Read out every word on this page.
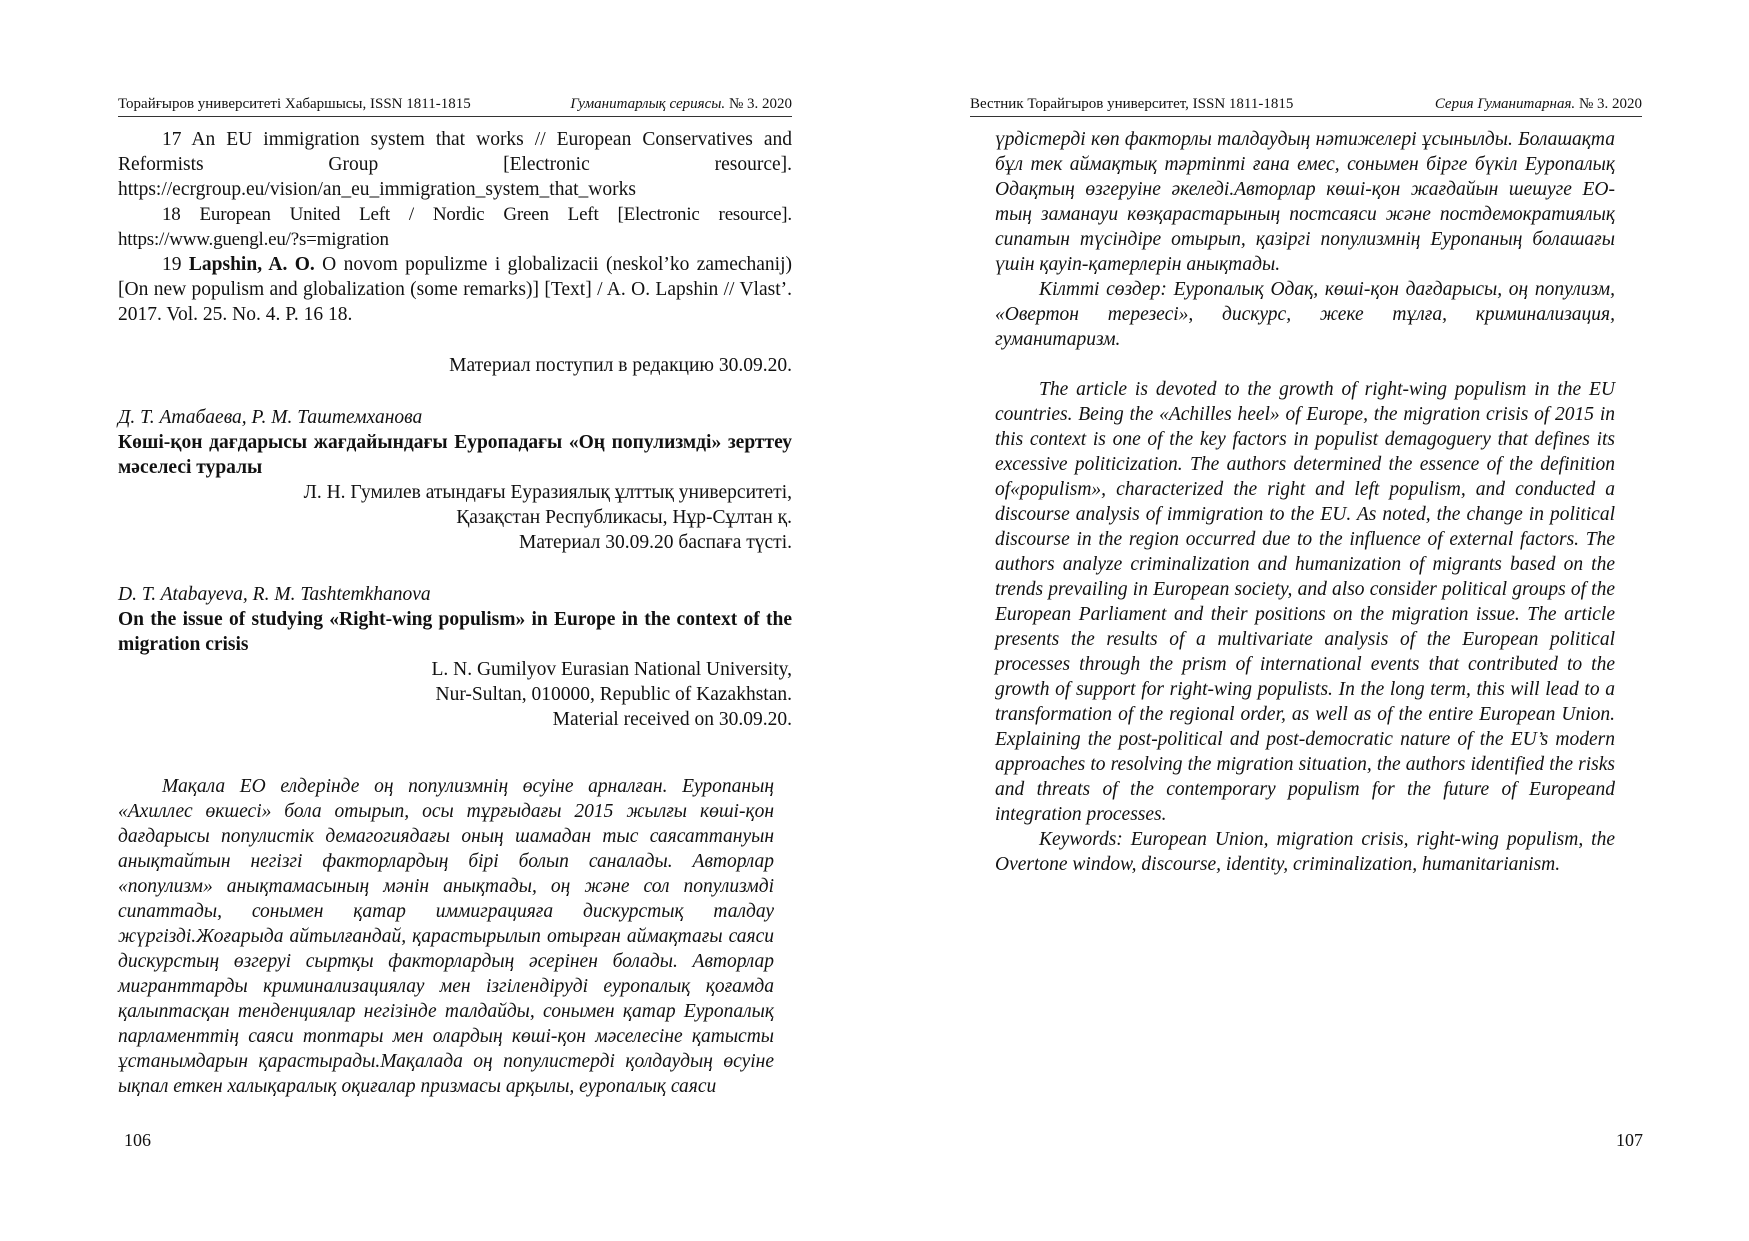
Торайғыров университеті Хабаршысы, ISSN 1811-1815	Гуманитарлық сериясы. № 3. 2020

17 An EU immigration system that works // European Conservatives and Reformists Group [Electronic resource]. https://ecrgroup.eu/vision/an_eu_immigration_system_that_works

18 European United Left / Nordic Green Left [Electronic resource]. https://www.guengl.eu/?s=migration

19 Lapshin, A. O. O novom populizme i globalizacii (neskol’ko zamechanij) [On new populism and globalization (some remarks)] [Text] / A. O. Lapshin // Vlast’. 2017. Vol. 25. No. 4. P. 16 18.

Материал поступил в редакцию 30.09.20.

Д. Т. Атабаева, Р. М. Таштемханова

Көші-қон дағдарысы жағдайындағы Еуропадағы «Оң популизмді» зерттеу мәселесі туралы

Л. Н. Гумилев атындағы Еуразиялық ұлттық университеті,

Қазақстан Республикасы, Нұр-Сұлтан қ.

Материал 30.09.20 баспаға түсті.

D. T. Atabayeva, R. M. Tashtemkhanova

On the issue of studying «Right-wing populism» in Europe in the context of the migration crisis

L. N. Gumilyov Eurasian National University,

Nur-Sultan, 010000, Republic of Kazakhstan.

Material received on 30.09.20.

Мақала ЕО елдерінде оң популизмнің өсуіне арналған. Еуропаның «Ахиллес өкшесі» бола отырып, осы тұрғыдағы 2015 жылғы көші-қон дағдарысы популистік демагогиядағы оның шамадан тыс саясаттануын анықтайтын негізгі факторлардың бірі болып саналады. Авторлар «популизм» анықтамасының мәнін анықтады, оң және сол популизмді сипаттады, сонымен қатар иммиграцияға дискурстық талдау жүргізді.Жоғарыда айтылғандай, қарастырылып отырған аймақтағы саяси дискурстың өзгеруі сыртқы факторлардың әсерінен болады. Авторлар мигранттарды криминализациялау мен ізгілендіруді еуропалық қоғамда қалыптасқан тенденциялар негізінде талдайды, сонымен қатар Еуропалық парламенттің саяси топтары мен олардың көші-қон мәселесіне қатысты ұстанымдарын қарастырады.Мақалада оң популистерді қолдаудың өсуіне ықпал еткен халықаралық оқиғалар призмасы арқылы, еуропалық саяси

106
Вестник Торайгыров университет, ISSN 1811-1815	Серия Гуманитарная. № 3. 2020

үрдістерді көп факторлы талдаудың нәтижелері ұсынылды. Болашақта бұл тек аймақтық тәртіпті ғана емес, сонымен бірге бүкіл Еуропалық Одақтың өзгеруіне әкеледі.Авторлар көші-қон жағдайын шешуге ЕО-тың заманауи көзқарастарының постсаяси және постдемократиялық сипатын түсіндіре отырып, қазіргі популизмнің Еуропаның болашағы үшін қауіп-қатерлерін анықтады.

Кілтті сөздер: Еуропалық Одақ, көші-қон дағдарысы, оң популизм, «Овертон терезесі», дискурс, жеке тұлға, криминализация, гуманитаризм.

The article is devoted to the growth of right-wing populism in the EU countries. Being the «Achilles heel» of Europe, the migration crisis of 2015 in this context is one of the key factors in populist demagoguery that defines its excessive politicization. The authors determined the essence of the definition of«populism», characterized the right and left populism, and conducted a discourse analysis of immigration to the EU. As noted, the change in political discourse in the region occurred due to the influence of external factors. The authors analyze criminalization and humanization of migrants based on the trends prevailing in European society, and also consider political groups of the European Parliament and their positions on the migration issue. The article presents the results of a multivariate analysis of the European political processes through the prism of international events that contributed to the growth of support for right-wing populists. In the long term, this will lead to a transformation of the regional order, as well as of the entire European Union. Explaining the post-political and post-democratic nature of the EU’s modern approaches to resolving the migration situation, the authors identified the risks and threats of the contemporary populism for the future of Europeand integration processes.

Keywords: European Union, migration crisis, right-wing populism, the Overtone window, discourse, identity, criminalization, humanitarianism.

107
